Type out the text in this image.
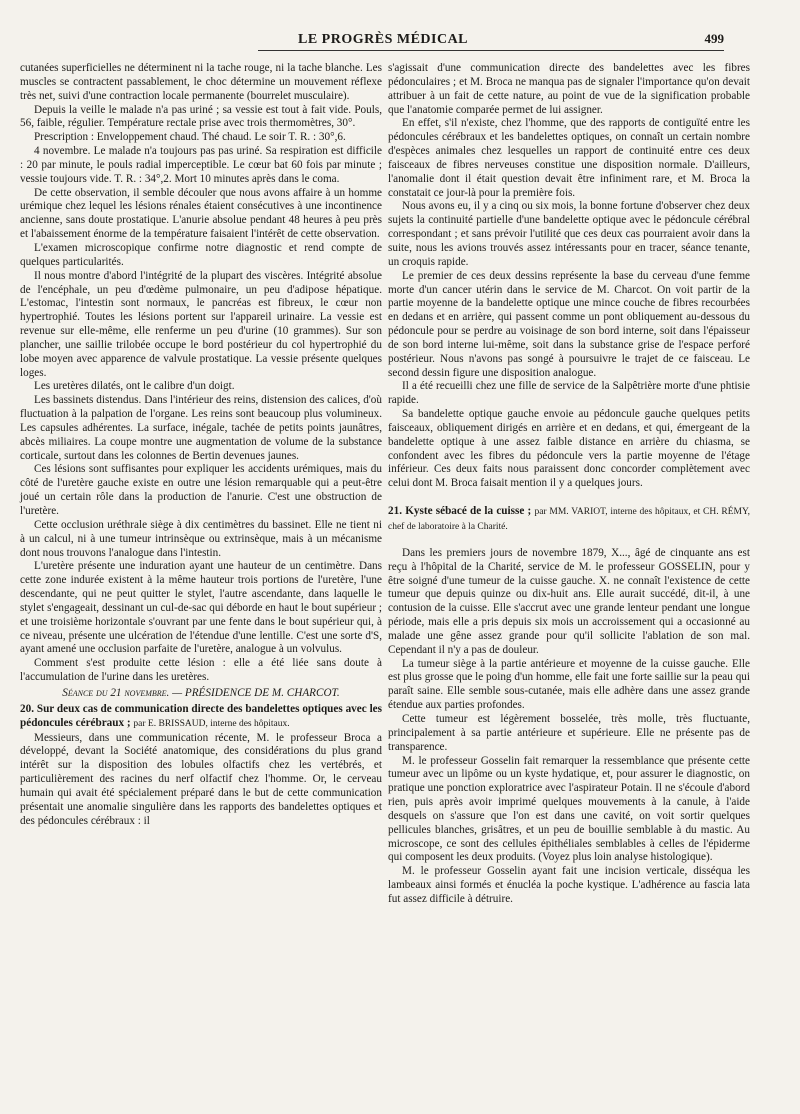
LE PROGRÈS MÉDICAL	499

cutanées superficielles ne déterminent ni la tache rouge, ni la tache blanche. Les muscles se contractent passablement, le choc détermine un mouvement réflexe très net, suivi d'une contraction locale permanente (bourrelet musculaire).

Depuis la veille le malade n'a pas uriné ; sa vessie est tout à fait vide. Pouls, 56, faible, régulier. Température rectale prise avec trois thermomètres, 30°.

Prescription : Enveloppement chaud. Thé chaud. Le soir T. R. : 30°,6.

4 novembre. Le malade n'a toujours pas pas uriné. Sa respiration est difficile : 20 par minute, le pouls radial imperceptible. Le cœur bat 60 fois par minute ; vessie toujours vide. T. R. : 34°,2. Mort 10 minutes après dans le coma.

De cette observation, il semble découler que nous avons affaire à un homme urémique chez lequel les lésions rénales étaient consécutives à une incontinence ancienne, sans doute prostatique. L'anurie absolue pendant 48 heures à peu près et l'abaissement énorme de la température faisaient l'intérêt de cette observation.

L'examen microscopique confirme notre diagnostic et rend compte de quelques particularités.

Il nous montre d'abord l'intégrité de la plupart des viscères. Intégrité absolue de l'encéphale, un peu d'œdème pulmonaire, un peu d'adipose hépatique. L'estomac, l'intestin sont normaux, le pancréas est fibreux, le cœur non hypertrophié. Toutes les lésions portent sur l'appareil urinaire. La vessie est revenue sur elle-même, elle renferme un peu d'urine (10 grammes). Sur son plancher, une saillie trilobée occupe le bord postérieur du col hypertrophié du lobe moyen avec apparence de valvule prostatique. La vessie présente quelques loges.

Les uretères dilatés, ont le calibre d'un doigt.

Les bassinets distendus. Dans l'intérieur des reins, distension des calices, d'où fluctuation à la palpation de l'organe. Les reins sont beaucoup plus volumineux. Les capsules adhérentes. La surface, inégale, tachée de petits points jaunâtres, abcès miliaires. La coupe montre une augmentation de volume de la substance corticale, surtout dans les colonnes de Bertin devenues jaunes.

Ces lésions sont suffisantes pour expliquer les accidents urémiques, mais du côté de l'uretère gauche existe en outre une lésion remarquable qui a peut-être joué un certain rôle dans la production de l'anurie. C'est une obstruction de l'uretère.

Cette occlusion uréthrale siège à dix centimètres du bassinet. Elle ne tient ni à un calcul, ni à une tumeur intrinsèque ou extrinsèque, mais à un mécanisme dont nous trouvons l'analogue dans l'intestin.

L'uretère présente une induration ayant une hauteur de un centimètre. Dans cette zone indurée existent à la même hauteur trois portions de l'uretère, l'une descendante, qui ne peut quitter le stylet, l'autre ascendante, dans laquelle le stylet s'engageait, dessinant un cul-de-sac qui déborde en haut le bout supérieur ; et une troisième horizontale s'ouvrant par une fente dans le bout supérieur qui, à ce niveau, présente une ulcération de l'étendue d'une lentille. C'est une sorte d'S, ayant amené une occlusion parfaite de l'uretère, analogue à un volvulus.

Comment s'est produite cette lésion : elle a été liée sans doute à l'accumulation de l'urine dans les uretères.

Séance du 21 novembre. — PRÉSIDENCE DE M. CHARCOT.

20. Sur deux cas de communication directe des bandelettes optiques avec les pédoncules cérébraux ; par E. BRISSAUD, interne des hôpitaux.

Messieurs, dans une communication récente, M. le professeur Broca a développé, devant la Société anatomique, des considérations du plus grand intérêt sur la disposition des lobules olfactifs chez les vertébrés, et particulièrement des racines du nerf olfactif chez l'homme. Or, le cerveau humain qui avait été spécialement préparé dans le but de cette communication présentait une anomalie singulière dans les rapports des bandelettes optiques et des pédoncules cérébraux : il

s'agissait d'une communication directe des bandelettes avec les fibres pédonculaires ; et M. Broca ne manqua pas de signaler l'importance qu'on devait attribuer à un fait de cette nature, au point de vue de la signification probable que l'anatomie comparée permet de lui assigner.

En effet, s'il n'existe, chez l'homme, que des rapports de contiguïté entre les pédoncules cérébraux et les bandelettes optiques, on connaît un certain nombre d'espèces animales chez lesquelles un rapport de continuité entre ces deux faisceaux de fibres nerveuses constitue une disposition normale. D'ailleurs, l'anomalie dont il était question devait être infiniment rare, et M. Broca la constatait ce jour-là pour la première fois.

Nous avons eu, il y a cinq ou six mois, la bonne fortune d'observer chez deux sujets la continuité partielle d'une bandelette optique avec le pédoncule cérébral correspondant ; et sans prévoir l'utilité que ces deux cas pourraient avoir dans la suite, nous les avions trouvés assez intéressants pour en tracer, séance tenante, un croquis rapide.

Le premier de ces deux dessins représente la base du cerveau d'une femme morte d'un cancer utérin dans le service de M. Charcot. On voit partir de la partie moyenne de la bandelette optique une mince couche de fibres recourbées en dedans et en arrière, qui passent comme un pont obliquement au-dessous du pédoncule pour se perdre au voisinage de son bord interne, soit dans l'épaisseur de son bord interne lui-même, soit dans la substance grise de l'espace perforé postérieur. Nous n'avons pas songé à poursuivre le trajet de ce faisceau. Le second dessin figure une disposition analogue.

Il a été recueilli chez une fille de service de la Salpêtrière morte d'une phtisie rapide.

Sa bandelette optique gauche envoie au pédoncule gauche quelques petits faisceaux, obliquement dirigés en arrière et en dedans, et qui, émergeant de la bandelette optique à une assez faible distance en arrière du chiasma, se confondent avec les fibres du pédoncule vers la partie moyenne de l'étage inférieur. Ces deux faits nous paraissent donc concorder complètement avec celui dont M. Broca faisait mention il y a quelques jours.

21. Kyste sébacé de la cuisse ; par MM. VARIOT, interne des hôpitaux, et CH. RÉMY, chef de laboratoire à la Charité.

Dans les premiers jours de novembre 1879, X..., âgé de cinquante ans est reçu à l'hôpital de la Charité, service de M. le professeur GOSSELIN, pour y être soigné d'une tumeur de la cuisse gauche. X. ne connaît l'existence de cette tumeur que depuis quinze ou dix-huit ans. Elle aurait succédé, dit-il, à une contusion de la cuisse. Elle s'accrut avec une grande lenteur pendant une longue période, mais elle a pris depuis six mois un accroissement qui a occasionné au malade une gêne assez grande pour qu'il sollicite l'ablation de son mal. Cependant il n'y a pas de douleur.

La tumeur siège à la partie antérieure et moyenne de la cuisse gauche. Elle est plus grosse que le poing d'un homme, elle fait une forte saillie sur la peau qui paraît saine. Elle semble sous-cutanée, mais elle adhère dans une assez grande étendue aux parties profondes.

Cette tumeur est légèrement bosselée, très molle, très fluctuante, principalement à sa partie antérieure et supérieure. Elle ne présente pas de transparence.

M. le professeur Gosselin fait remarquer la ressemblance que présente cette tumeur avec un lipôme ou un kyste hydatique, et, pour assurer le diagnostic, on pratique une ponction exploratrice avec l'aspirateur Potain. Il ne s'écoule d'abord rien, puis après avoir imprimé quelques mouvements à la canule, à l'aide desquels on s'assure que l'on est dans une cavité, on voit sortir quelques pellicules blanches, grisâtres, et un peu de bouillie semblable à du mastic. Au microscope, ce sont des cellules épithéliales semblables à celles de l'épiderme qui composent les deux produits. (Voyez plus loin analyse histologique).

M. le professeur Gosselin ayant fait une incision verticale, disséqua les lambeaux ainsi formés et énucléa la poche kystique. L'adhérence au fascia lata fut assez difficile à détruire.
